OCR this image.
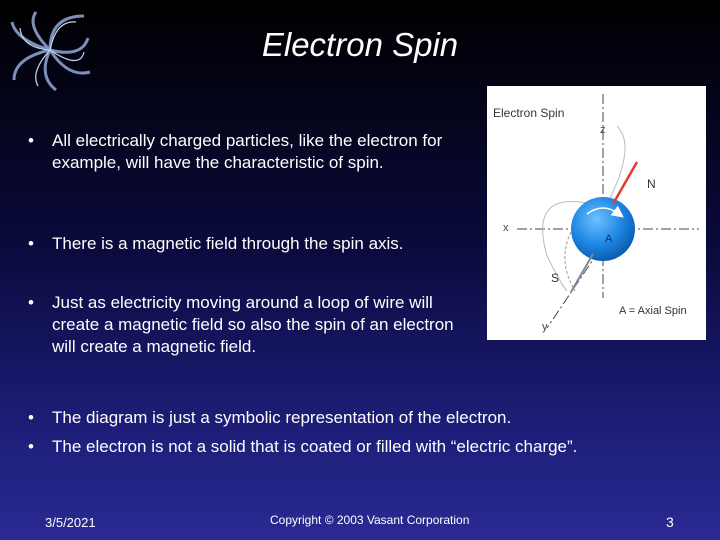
Electron Spin
• All electrically charged particles, like the electron for example, will have the characteristic of spin.
• There is a magnetic field through the spin axis.
• Just as electricity moving around a loop of wire will create a magnetic field so also the spin of an electron will create a magnetic field.
• The diagram is just a symbolic representation of the electron.
• The electron is not a solid that is coated or filled with “electric charge”.
Electron Spin
z
x
y
N
S
A
A = Axial Spin
3/5/2021	Copyright © 2003 Vasant Corporation	3
